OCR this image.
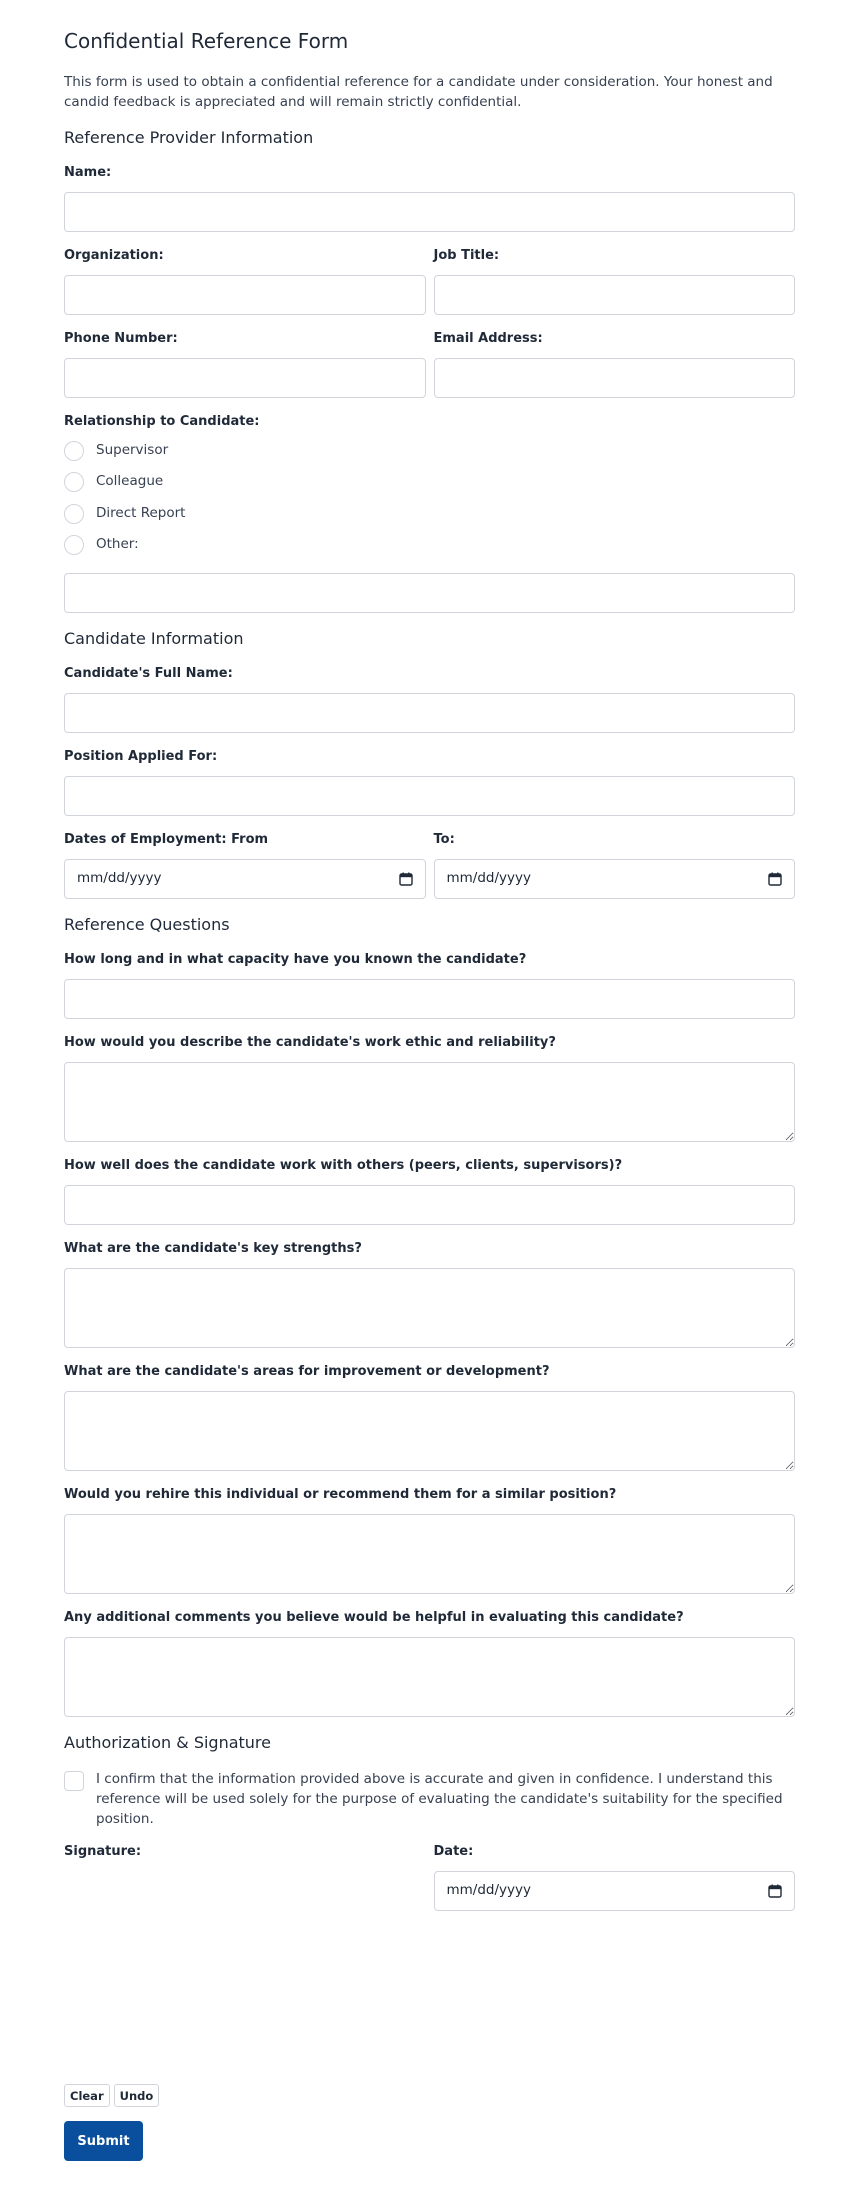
Confidential Reference Form

This form is used to obtain a confidential reference for a candidate under consideration. Your honest and candid feedback is appreciated and will remain strictly confidential.

Reference Provider Information
Name:
Organization:	Job Title:
Phone Number:	Email Address:
Relationship to Candidate:
Supervisor
Colleague
Direct Report
Other:
Candidate Information
Candidate's Full Name:
Position Applied For:
Dates of Employment: From
mm/dd/yyyy
To:
mm/dd/yyyy
Reference Questions
How long and in what capacity have you known the candidate?
How would you describe the candidate's work ethic and reliability?
How well does the candidate work with others (peers, clients, supervisors)?
What are the candidate's key strengths?
What are the candidate's areas for improvement or development?
Would you rehire this individual or recommend them for a similar position?
Any additional comments you believe would be helpful in evaluating this candidate?
Authorization & Signature
I confirm that the information provided above is accurate and given in confidence. I understand this reference will be used solely for the purpose of evaluating the candidate's suitability for the specified position.
Signature:	Date:
mm/dd/yyyy
Clear	Undo
Submit
